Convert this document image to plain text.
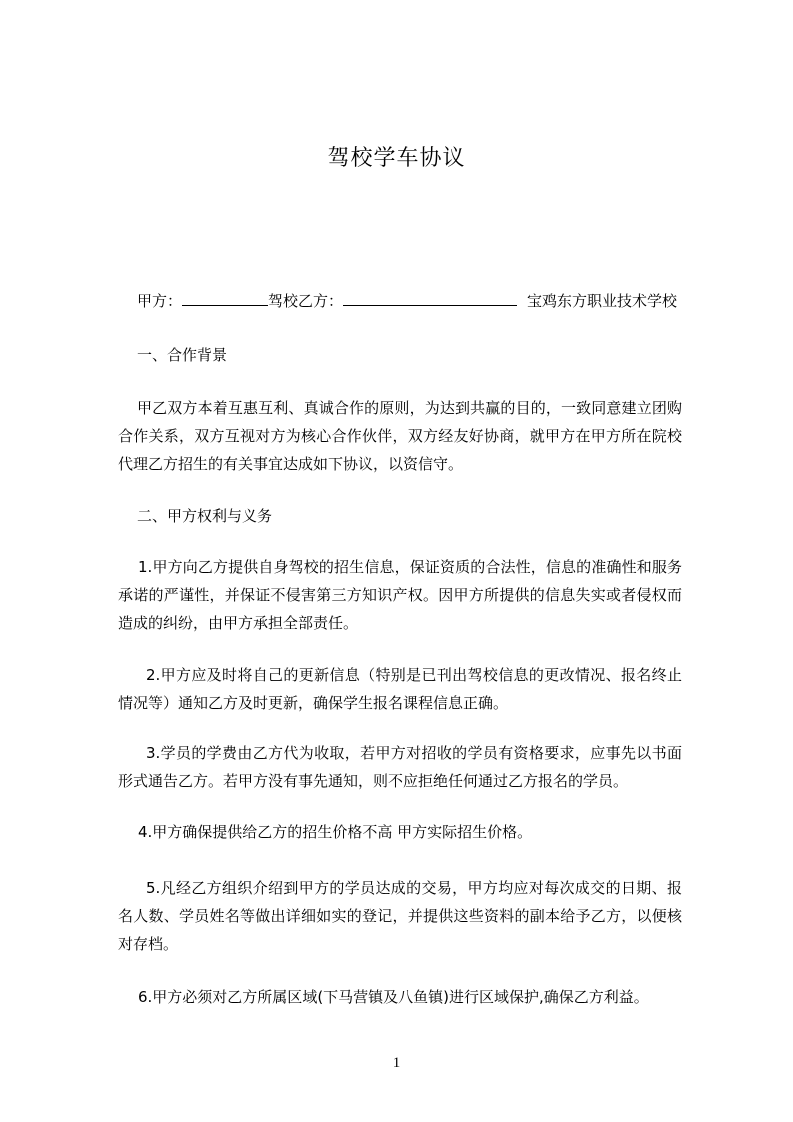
驾校学车协议
甲方：	驾校乙方：	宝鸡东方职业技术学校
一、合作背景

甲乙双方本着互惠互利、真诚合作的原则，为达到共赢的目的，一致同意建立团购合作关系，双方互视对方为核心合作伙伴，双方经友好协商，就甲方在甲方所在院校代理乙方招生的有关事宜达成如下协议，以资信守。

二、甲方权利与义务

1.甲方向乙方提供自身驾校的招生信息，保证资质的合法性，信息的准确性和服务承诺的严谨性，并保证不侵害第三方知识产权。因甲方所提供的信息失实或者侵权而造成的纠纷，由甲方承担全部责任。

2.甲方应及时将自己的更新信息（特别是已刊出驾校信息的更改情况、报名终止情况等）通知乙方及时更新，确保学生报名课程信息正确。

3.学员的学费由乙方代为收取，若甲方对招收的学员有资格要求，应事先以书面形式通告乙方。若甲方没有事先通知，则不应拒绝任何通过乙方报名的学员。

4.甲方确保提供给乙方的招生价格不高 甲方实际招生价格。

5.凡经乙方组织介绍到甲方的学员达成的交易，甲方均应对每次成交的日期、报名人数、学员姓名等做出详细如实的登记，并提供这些资料的副本给予乙方，以便核对存档。

6.甲方必须对乙方所属区域(下马营镇及八鱼镇)进行区域保护,确保乙方利益。

1
